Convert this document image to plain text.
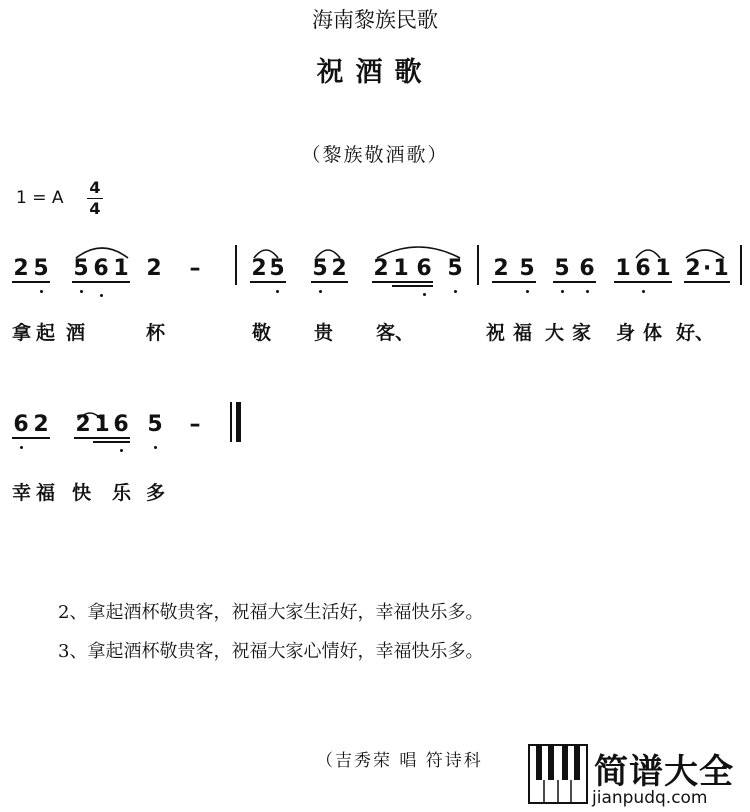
海南黎族民歌
祝酒歌
（黎族敬酒歌）
1 = A
4
4
2 5 5 6 1 2 – 2 5 5 2 2 1 6 5 2 5 5 6 1 6 1 2 · 1
拿 起 酒	杯	敬 贵 客、	祝 福 大 家 身 体 好、
6 2 2 1 6 5 –
幸 福 快 乐 多
2、拿起酒杯敬贵客，祝福大家生活好，幸福快乐多。
3、拿起酒杯敬贵客，祝福大家心情好，幸福快乐多。
（吉秀荣 唱 符诗科	简谱大全
jianpudq.com
